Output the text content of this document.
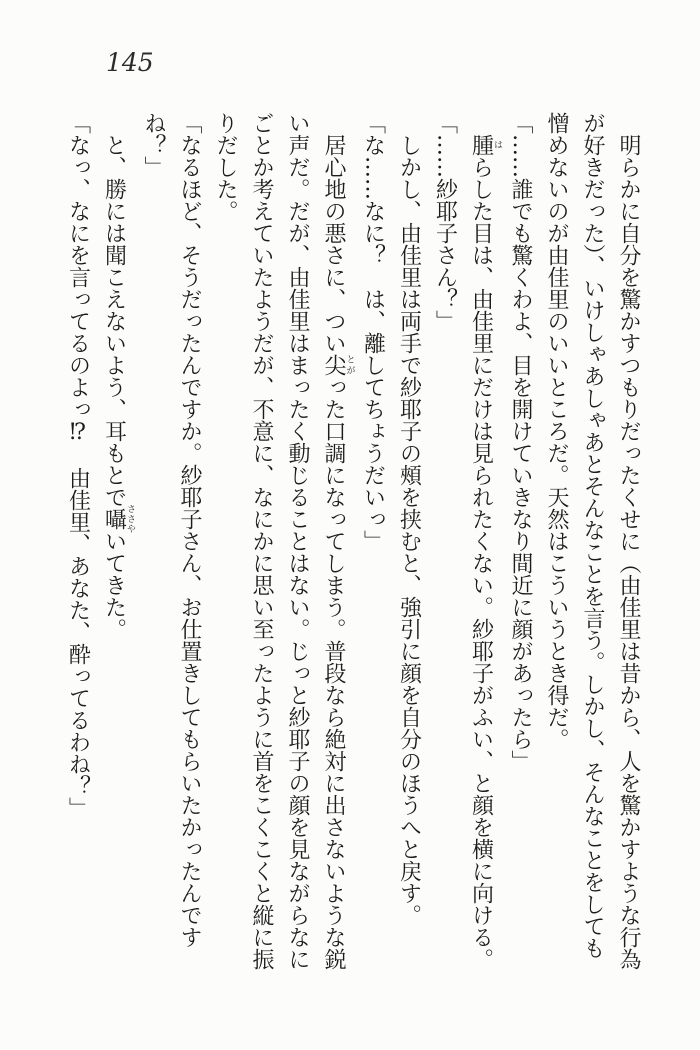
145

　明らかに自分を驚かすつもりだったくせに（由佳里は昔から、人を驚かすような行為が好きだった）、いけしゃあしゃあとそんなことを言う。しかし、そんなことをしても憎めないのが由佳里のいいところだ。天然はこういうとき得だ。

「……誰でも驚くわよ、目を開けていきなり間近に顔があったら」

　腫はらした目は、由佳里にだけは見られたくない。紗耶子がふい、と顔を横に向ける。

「……紗耶子さん？」

　しかし、由佳里は両手で紗耶子の頰を挟むと、強引に顔を自分のほうへと戻す。

「な……なに？　は、離してちょうだいっ」

　居心地の悪さに、つい尖とがった口調になってしまう。普段なら絶対に出さないような鋭い声だ。だが、由佳里はまったく動じることはない。じっと紗耶子の顔を見ながらなにごとか考えていたようだが、不意に、なにかに思い至ったように首をこくこくと縦に振りだした。

「なるほど、そうだったんですか。紗耶子さん、お仕置きしてもらいたかったんですね？」

　と、勝には聞こえないよう、耳もとで囁ささやいてきた。

「なっ、なにを言ってるのよっ⁉　由佳里、あなた、酔ってるわね？」
